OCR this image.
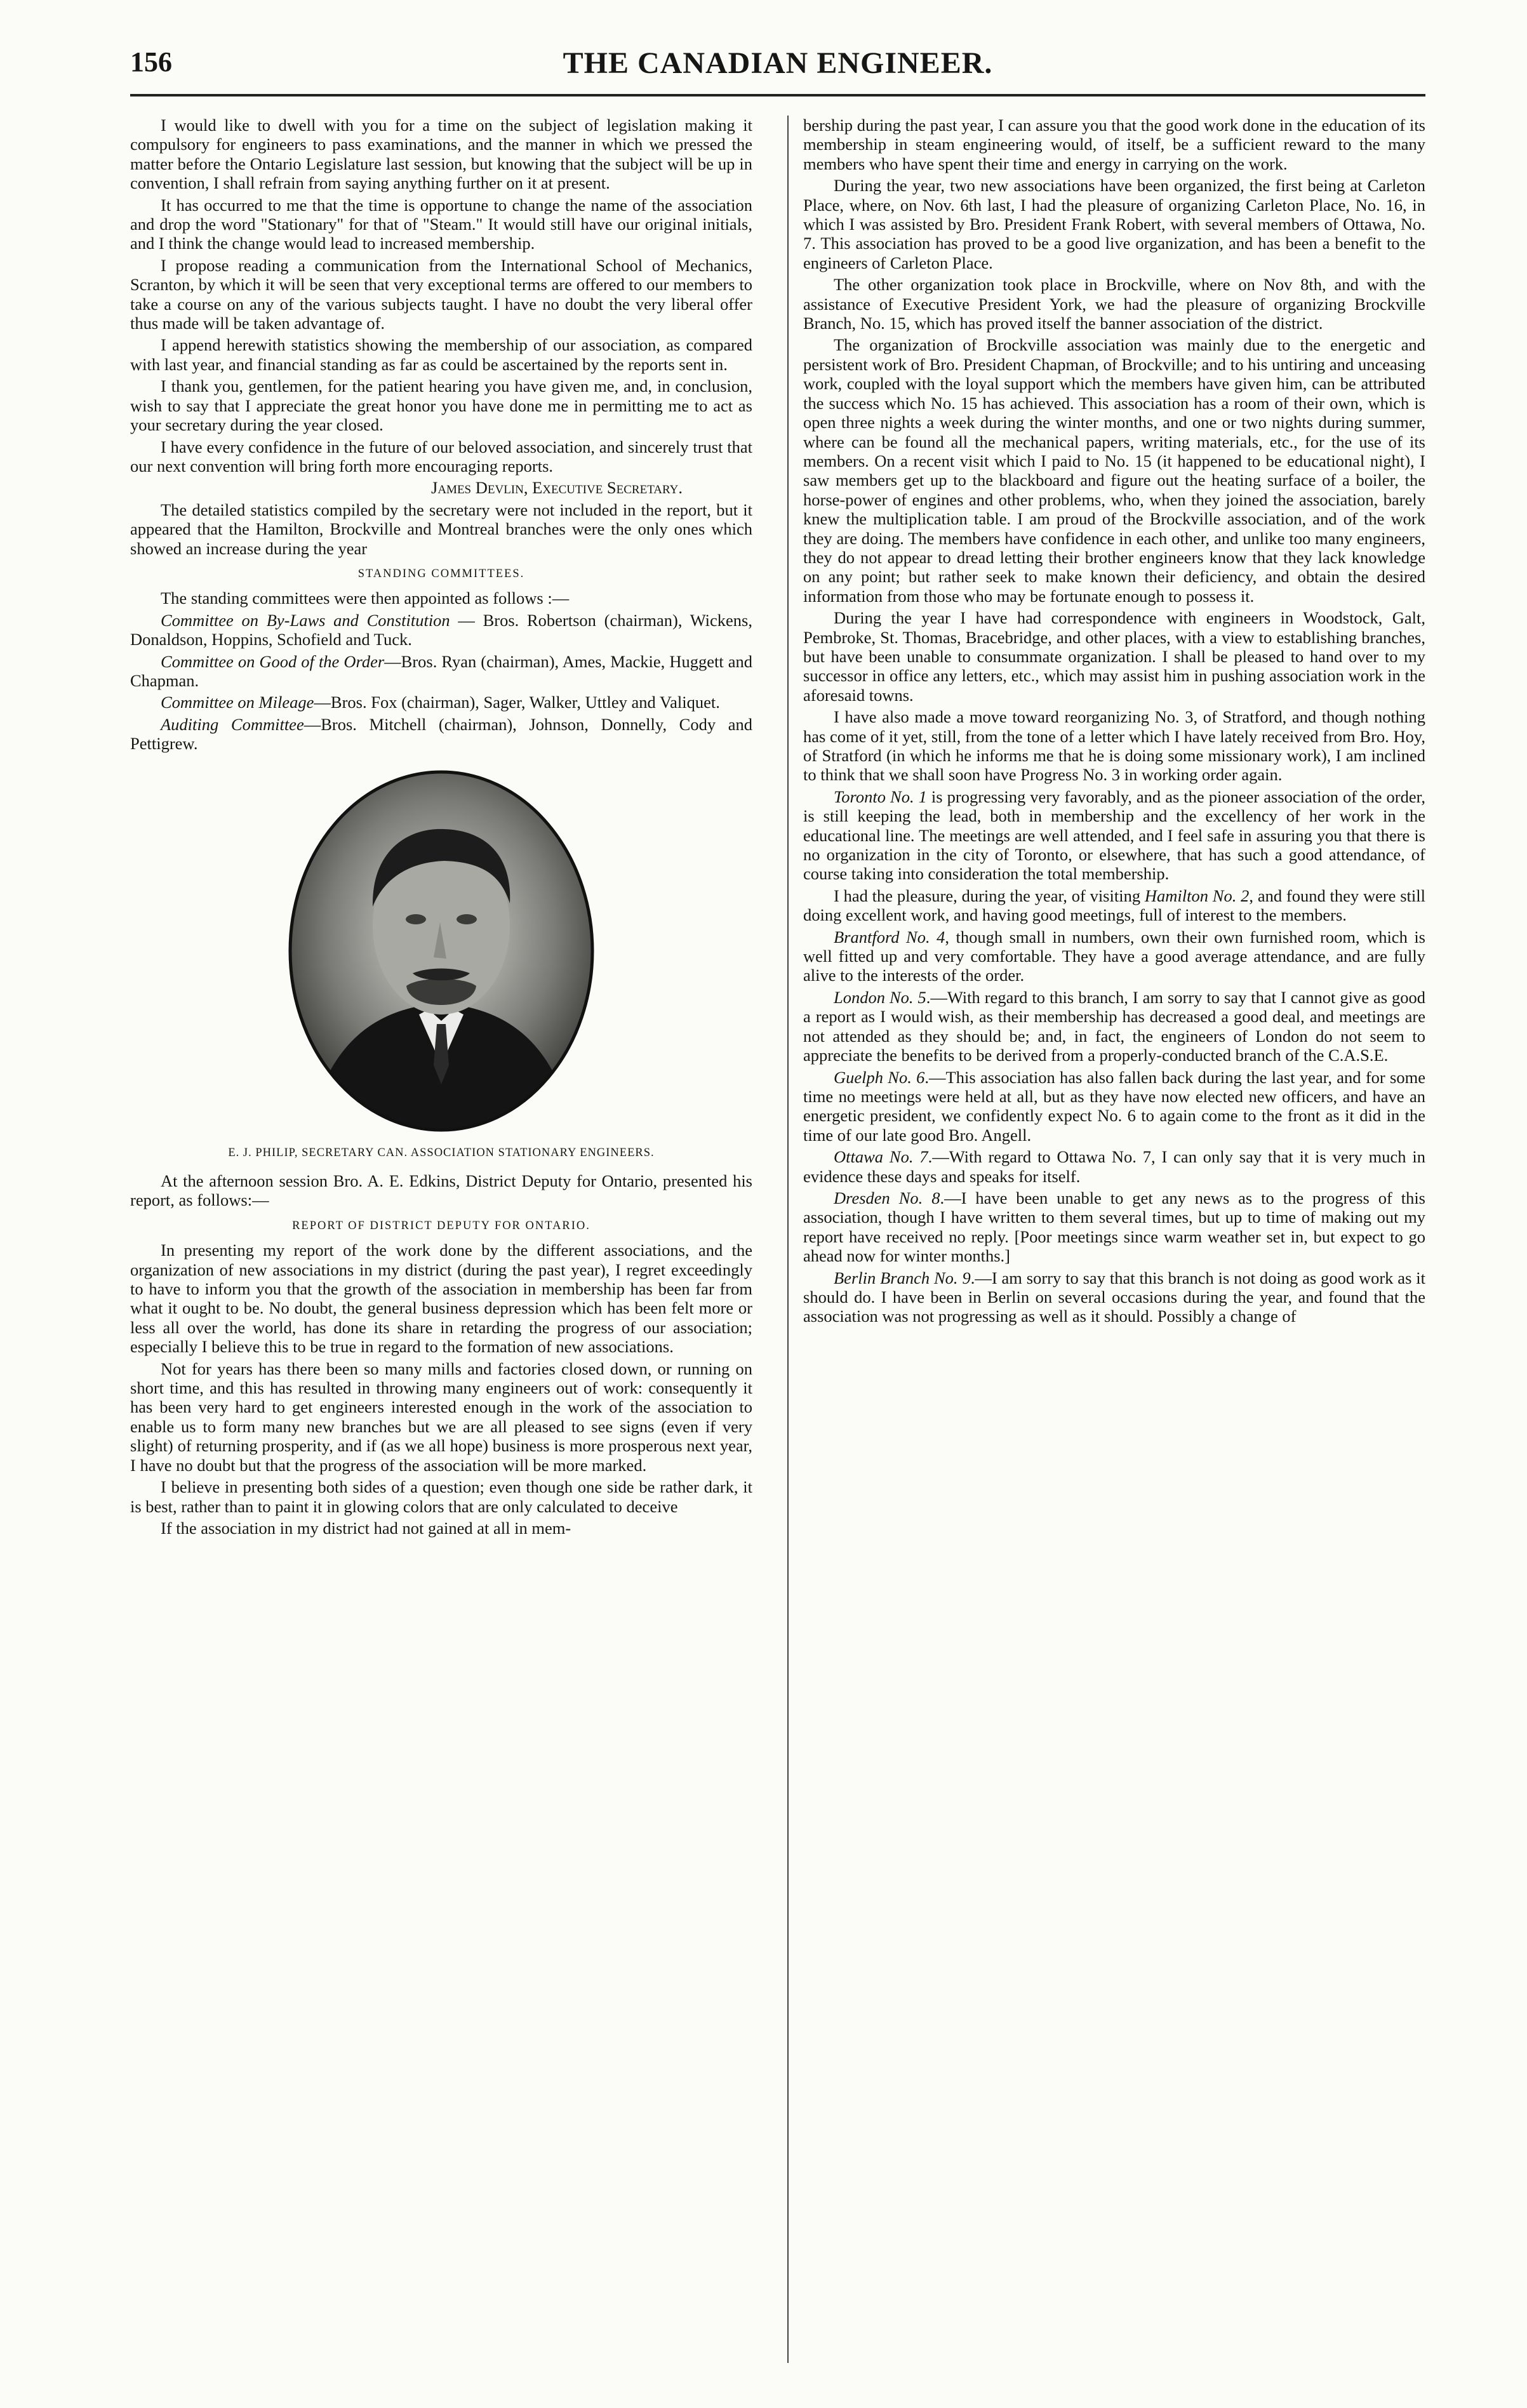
156	THE CANADIAN ENGINEER.

I would like to dwell with you for a time on the subject of legislation making it compulsory for engineers to pass examinations, and the manner in which we pressed the matter before the Ontario Legislature last session, but knowing that the subject will be up in convention, I shall refrain from saying anything further on it at present.

It has occurred to me that the time is opportune to change the name of the association and drop the word "Stationary" for that of "Steam." It would still have our original initials, and I think the change would lead to increased membership.

I propose reading a communication from the International School of Mechanics, Scranton, by which it will be seen that very exceptional terms are offered to our members to take a course on any of the various subjects taught. I have no doubt the very liberal offer thus made will be taken advantage of.

I append herewith statistics showing the membership of our association, as compared with last year, and financial standing as far as could be ascertained by the reports sent in.

I thank you, gentlemen, for the patient hearing you have given me, and, in conclusion, wish to say that I appreciate the great honor you have done me in permitting me to act as your secretary during the year closed.

I have every confidence in the future of our beloved association, and sincerely trust that our next convention will bring forth more encouraging reports.

James Devlin, Executive Secretary.

The detailed statistics compiled by the secretary were not included in the report, but it appeared that the Hamilton, Brockville and Montreal branches were the only ones which showed an increase during the year

STANDING COMMITTEES.

The standing committees were then appointed as follows :—

Committee on By-Laws and Constitution — Bros. Robertson (chairman), Wickens, Donaldson, Hoppins, Schofield and Tuck.

Committee on Good of the Order—Bros. Ryan (chairman), Ames, Mackie, Huggett and Chapman.

Committee on Mileage—Bros. Fox (chairman), Sager, Walker, Uttley and Valiquet.

Auditing Committee—Bros. Mitchell (chairman), Johnson, Donnelly, Cody and Pettigrew.

E. J. PHILIP, SECRETARY CAN. ASSOCIATION STATIONARY ENGINEERS.

At the afternoon session Bro. A. E. Edkins, District Deputy for Ontario, presented his report, as follows:—

REPORT OF DISTRICT DEPUTY FOR ONTARIO.

In presenting my report of the work done by the different associations, and the organization of new associations in my district (during the past year), I regret exceedingly to have to inform you that the growth of the association in membership has been far from what it ought to be. No doubt, the general business depression which has been felt more or less all over the world, has done its share in retarding the progress of our association; especially I believe this to be true in regard to the formation of new associations.

Not for years has there been so many mills and factories closed down, or running on short time, and this has resulted in throwing many engineers out of work: consequently it has been very hard to get engineers interested enough in the work of the association to enable us to form many new branches but we are all pleased to see signs (even if very slight) of returning prosperity, and if (as we all hope) business is more prosperous next year, I have no doubt but that the progress of the association will be more marked.

I believe in presenting both sides of a question; even though one side be rather dark, it is best, rather than to paint it in glowing colors that are only calculated to deceive

If the association in my district had not gained at all in mem-

bership during the past year, I can assure you that the good work done in the education of its membership in steam engineering would, of itself, be a sufficient reward to the many members who have spent their time and energy in carrying on the work.

During the year, two new associations have been organized, the first being at Carleton Place, where, on Nov. 6th last, I had the pleasure of organizing Carleton Place, No. 16, in which I was assisted by Bro. President Frank Robert, with several members of Ottawa, No. 7. This association has proved to be a good live organization, and has been a benefit to the engineers of Carleton Place.

The other organization took place in Brockville, where on Nov 8th, and with the assistance of Executive President York, we had the pleasure of organizing Brockville Branch, No. 15, which has proved itself the banner association of the district.

The organization of Brockville association was mainly due to the energetic and persistent work of Bro. President Chapman, of Brockville; and to his untiring and unceasing work, coupled with the loyal support which the members have given him, can be attributed the success which No. 15 has achieved. This association has a room of their own, which is open three nights a week during the winter months, and one or two nights during summer, where can be found all the mechanical papers, writing materials, etc., for the use of its members. On a recent visit which I paid to No. 15 (it happened to be educational night), I saw members get up to the blackboard and figure out the heating surface of a boiler, the horse-power of engines and other problems, who, when they joined the association, barely knew the multiplication table. I am proud of the Brockville association, and of the work they are doing. The members have confidence in each other, and unlike too many engineers, they do not appear to dread letting their brother engineers know that they lack knowledge on any point; but rather seek to make known their deficiency, and obtain the desired information from those who may be fortunate enough to possess it.

During the year I have had correspondence with engineers in Woodstock, Galt, Pembroke, St. Thomas, Bracebridge, and other places, with a view to establishing branches, but have been unable to consummate organization. I shall be pleased to hand over to my successor in office any letters, etc., which may assist him in pushing association work in the aforesaid towns.

I have also made a move toward reorganizing No. 3, of Stratford, and though nothing has come of it yet, still, from the tone of a letter which I have lately received from Bro. Hoy, of Stratford (in which he informs me that he is doing some missionary work), I am inclined to think that we shall soon have Progress No. 3 in working order again.

Toronto No. 1 is progressing very favorably, and as the pioneer association of the order, is still keeping the lead, both in membership and the excellency of her work in the educational line. The meetings are well attended, and I feel safe in assuring you that there is no organization in the city of Toronto, or elsewhere, that has such a good attendance, of course taking into consideration the total membership.

I had the pleasure, during the year, of visiting Hamilton No. 2, and found they were still doing excellent work, and having good meetings, full of interest to the members.

Brantford No. 4, though small in numbers, own their own furnished room, which is well fitted up and very comfortable. They have a good average attendance, and are fully alive to the interests of the order.

London No. 5.—With regard to this branch, I am sorry to say that I cannot give as good a report as I would wish, as their membership has decreased a good deal, and meetings are not attended as they should be; and, in fact, the engineers of London do not seem to appreciate the benefits to be derived from a properly-conducted branch of the C.A.S.E.

Guelph No. 6.—This association has also fallen back during the last year, and for some time no meetings were held at all, but as they have now elected new officers, and have an energetic president, we confidently expect No. 6 to again come to the front as it did in the time of our late good Bro. Angell.

Ottawa No. 7.—With regard to Ottawa No. 7, I can only say that it is very much in evidence these days and speaks for itself.

Dresden No. 8.—I have been unable to get any news as to the progress of this association, though I have written to them several times, but up to time of making out my report have received no reply. [Poor meetings since warm weather set in, but expect to go ahead now for winter months.]

Berlin Branch No. 9.—I am sorry to say that this branch is not doing as good work as it should do. I have been in Berlin on several occasions during the year, and found that the association was not progressing as well as it should. Possibly a change of
